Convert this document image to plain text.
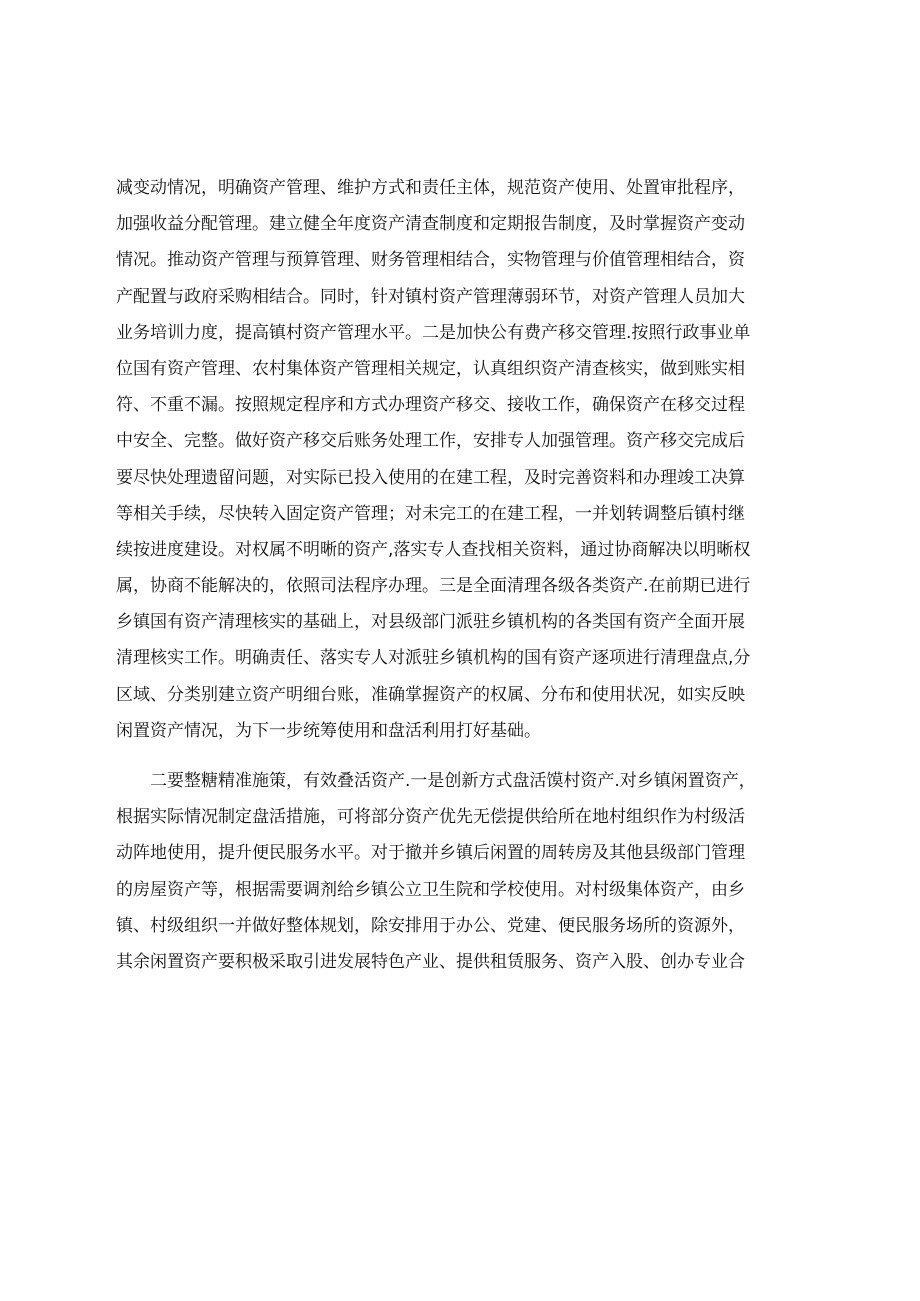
减变动情况，明确资产管理、维护方式和责任主体，规范资产使用、处置审批程序，
加强收益分配管理。建立健全年度资产清查制度和定期报告制度，及时掌握资产变动
情况。推动资产管理与预算管理、财务管理相结合，实物管理与价值管理相结合，资
产配置与政府采购相结合。同时，针对镇村资产管理薄弱环节，对资产管理人员加大
业务培训力度，提高镇村资产管理水平。二是加快公有费产移交管理.按照行政事业单
位国有资产管理、农村集体资产管理相关规定，认真组织资产清查核实，做到账实相
符、不重不漏。按照规定程序和方式办理资产移交、接收工作，确保资产在移交过程
中安全、完整。做好资产移交后账务处理工作，安排专人加强管理。资产移交完成后
要尽快处理遗留问题，对实际已投入使用的在建工程，及时完善资料和办理竣工决算
等相关手续，尽快转入固定资产管理；对未完工的在建工程，一并划转调整后镇村继
续按进度建设。对权属不明晰的资产,落实专人查找相关资料，通过协商解决以明晰权
属，协商不能解决的，依照司法程序办理。三是全面清理各级各类资产.在前期已进行
乡镇国有资产清理核实的基础上，对县级部门派驻乡镇机构的各类国有资产全面开展
清理核实工作。明确责任、落实专人对派驻乡镇机构的国有资产逐项进行清理盘点,分
区域、分类别建立资产明细台账，准确掌握资产的权属、分布和使用状况，如实反映
闲置资产情况，为下一步统筹使用和盘活利用打好基础。
二要整糖精准施策，有效叠活资产.一是创新方式盘活馍村资产.对乡镇闲置资产，
根据实际情况制定盘活措施，可将部分资产优先无偿提供给所在地村组织作为村级活
动阵地使用，提升便民服务水平。对于撤并乡镇后闲置的周转房及其他县级部门管理
的房屋资产等，根据需要调剂给乡镇公立卫生院和学校使用。对村级集体资产，由乡
镇、村级组织一并做好整体规划，除安排用于办公、党建、便民服务场所的资源外，
其余闲置资产要积极采取引进发展特色产业、提供租赁服务、资产入股、创办专业合
